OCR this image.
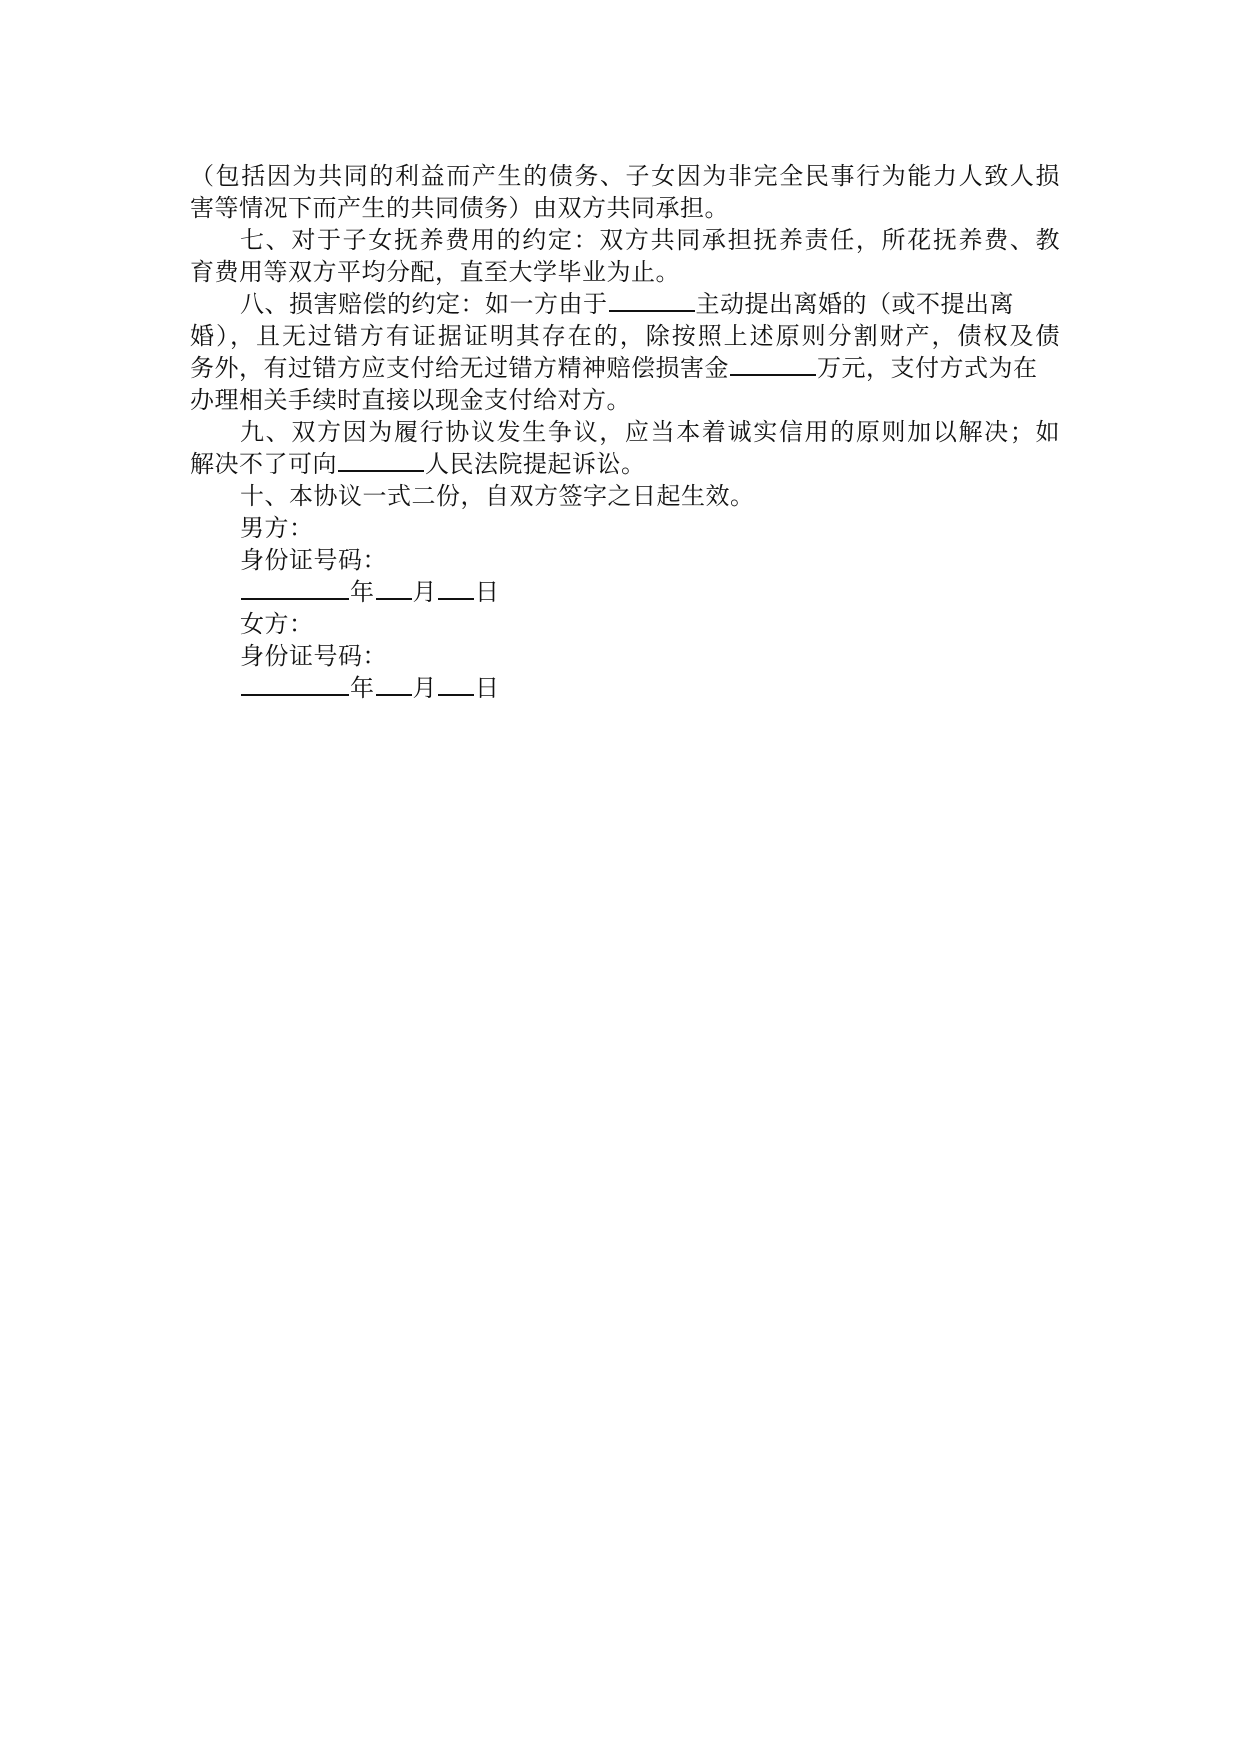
（包括因为共同的利益而产生的债务、子女因为非完全民事行为能力人致人损
害等情况下而产生的共同债务）由双方共同承担。
七、对于子女抚养费用的约定：双方共同承担抚养责任，所花抚养费、教
育费用等双方平均分配，直至大学毕业为止。
八、损害赔偿的约定：如一方由于	主动提出离婚的（或不提出离
婚），且无过错方有证据证明其存在的，除按照上述原则分割财产，债权及债
务外，有过错方应支付给无过错方精神赔偿损害金	万元，支付方式为在
办理相关手续时直接以现金支付给对方。
九、双方因为履行协议发生争议，应当本着诚实信用的原则加以解决；如
解决不了可向	人民法院提起诉讼。
十、本协议一式二份，自双方签字之日起生效。
男方：
身份证号码：
年 月 日
女方：
身份证号码：
年 月 日
